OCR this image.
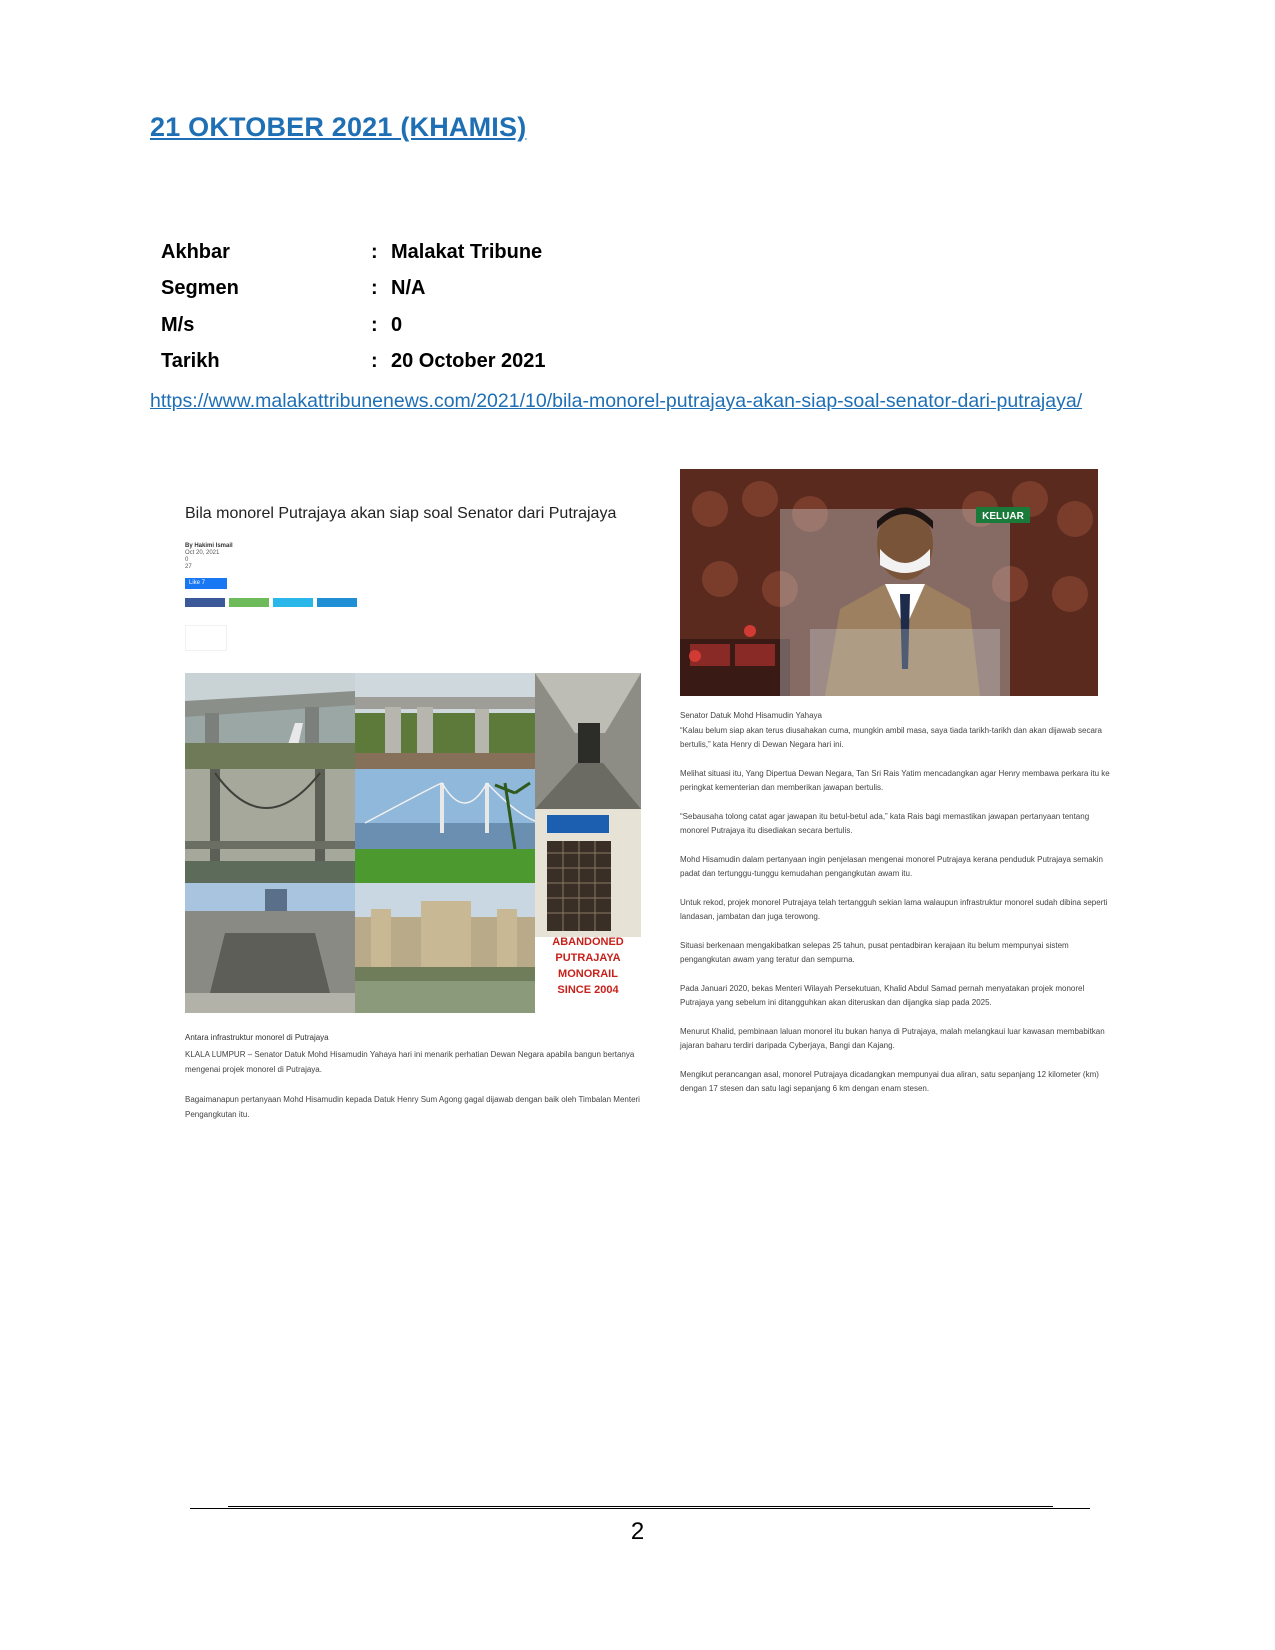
21 OKTOBER 2021 (KHAMIS)
Akhbar	: Malakat Tribune
Segmen	: N/A
M/s	: 0
Tarikh	: 20 October 2021
https://www.malakattribunenews.com/2021/10/bila-monorel-putrajaya-akan-siap-soal-senator-dari-putrajaya/
Bila monorel Putrajaya akan siap soal Senator dari Putrajaya
By Hakimi Ismail
Oct 20, 2021
0
27
Like 7
ABANDONED
PUTRAJAYA
MONORAIL
SINCE 2004
Antara infrastruktur monorel di Putrajaya
KLALA LUMPUR – Senator Datuk Mohd Hisamudin Yahaya hari ini menarik perhatian Dewan Negara apabila bangun bertanya mengenai projek monorel di Putrajaya.
Bagaimanapun pertanyaan Mohd Hisamudin kepada Datuk Henry Sum Agong gagal dijawab dengan baik oleh Timbalan Menteri Pengangkutan itu.
KELUAR

Senator Datuk Mohd Hisamudin Yahaya

“Kalau belum siap akan terus diusahakan cuma, mungkin ambil masa, saya tiada tarikh-tarikh dan akan dijawab secara bertulis,” kata Henry di Dewan Negara hari ini.

Melihat situasi itu, Yang Dipertua Dewan Negara, Tan Sri Rais Yatim mencadangkan agar Henry membawa perkara itu ke peringkat kementerian dan memberikan jawapan bertulis.

“Sebausaha tolong catat agar jawapan itu betul-betul ada,” kata Rais bagi memastikan jawapan pertanyaan tentang monorel Putrajaya itu disediakan secara bertulis.

Mohd Hisamudin dalam pertanyaan ingin penjelasan mengenai monorel Putrajaya kerana penduduk Putrajaya semakin padat dan tertunggu-tunggu kemudahan pengangkutan awam itu.

Untuk rekod, projek monorel Putrajaya telah tertangguh sekian lama walaupun infrastruktur monorel sudah dibina seperti landasan, jambatan dan juga terowong.

Situasi berkenaan mengakibatkan selepas 25 tahun, pusat pentadbiran kerajaan itu belum mempunyai sistem pengangkutan awam yang teratur dan sempurna.

Pada Januari 2020, bekas Menteri Wilayah Persekutuan, Khalid Abdul Samad pernah menyatakan projek monorel Putrajaya yang sebelum ini ditangguhkan akan diteruskan dan dijangka siap pada 2025.

Menurut Khalid, pembinaan laluan monorel itu bukan hanya di Putrajaya, malah melangkaui luar kawasan membabitkan jajaran baharu terdiri daripada Cyberjaya, Bangi dan Kajang.

Mengikut perancangan asal, monorel Putrajaya dicadangkan mempunyai dua aliran, satu sepanjang 12 kilometer (km) dengan 17 stesen dan satu lagi sepanjang 6 km dengan enam stesen.

2
